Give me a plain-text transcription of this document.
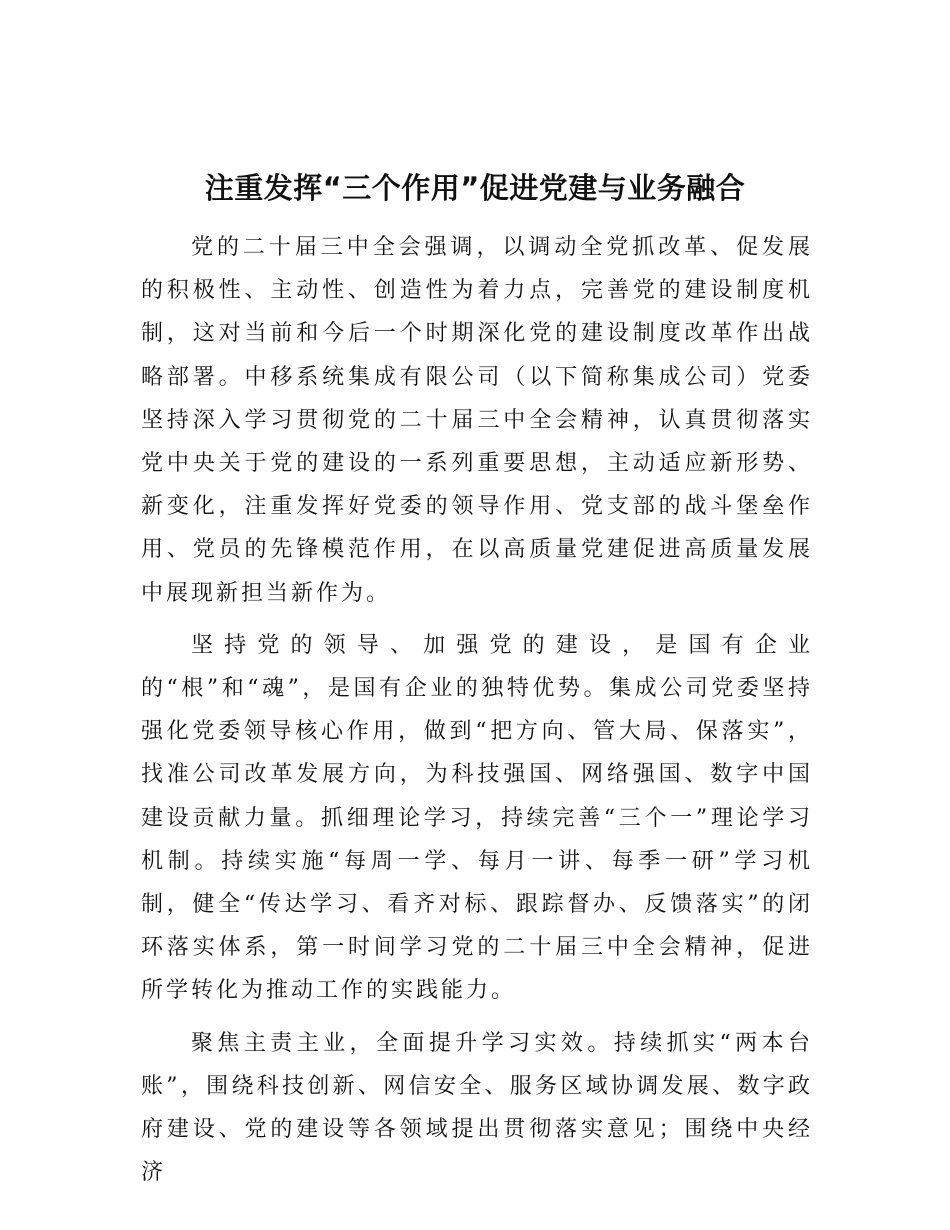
注重发挥“三个作用”促进党建与业务融合

党的二十届三中全会强调，以调动全党抓改革、促发展的积极性、主动性、创造性为着力点，完善党的建设制度机制，这对当前和今后一个时期深化党的建设制度改革作出战略部署。中移系统集成有限公司（以下简称集成公司）党委坚持深入学习贯彻党的二十届三中全会精神，认真贯彻落实党中央关于党的建设的一系列重要思想，主动适应新形势、新变化，注重发挥好党委的领导作用、党支部的战斗堡垒作用、党员的先锋模范作用，在以高质量党建促进高质量发展中展现新担当新作为。

坚持党的领导、加强党的建设，是国有企业的“根”和“魂”，是国有企业的独特优势。集成公司党委坚持强化党委领导核心作用，做到“把方向、管大局、保落实”，找准公司改革发展方向，为科技强国、网络强国、数字中国建设贡献力量。抓细理论学习，持续完善“三个一”理论学习机制。持续实施“每周一学、每月一讲、每季一研”学习机制，健全“传达学习、看齐对标、跟踪督办、反馈落实”的闭环落实体系，第一时间学习党的二十届三中全会精神，促进所学转化为推动工作的实践能力。

聚焦主责主业，全面提升学习实效。持续抓实“两本台账”，围绕科技创新、网信安全、服务区域协调发展、数字政府建设、党的建设等各领域提出贯彻落实意见；围绕中央经济
